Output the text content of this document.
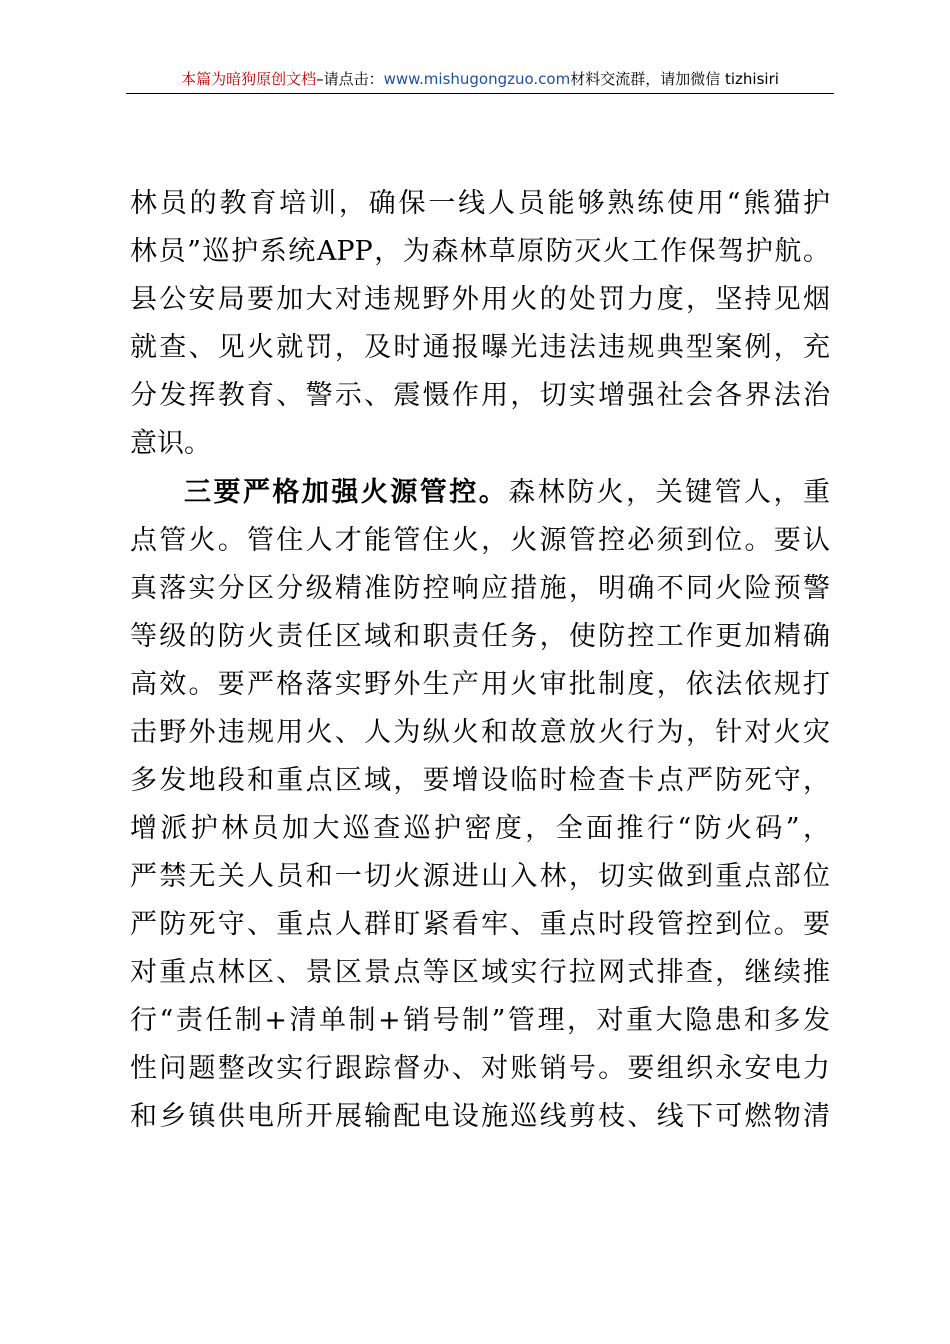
本篇为暗狗原创文档–请点击：www.mishugongzuo.com材料交流群，请加微信 tizhisiri
林员的教育培训，确保一线人员能够熟练使用“熊猫护
林员”巡护系统APP，为森林草原防灭火工作保驾护航。
县公安局要加大对违规野外用火的处罚力度，坚持见烟
就查、见火就罚，及时通报曝光违法违规典型案例，充
分发挥教育、警示、震慑作用，切实增强社会各界法治
意识。
三要严格加强火源管控。森林防火，关键管人，重
点管火。管住人才能管住火，火源管控必须到位。要认
真落实分区分级精准防控响应措施，明确不同火险预警
等级的防火责任区域和职责任务，使防控工作更加精确
高效。要严格落实野外生产用火审批制度，依法依规打
击野外违规用火、人为纵火和故意放火行为，针对火灾
多发地段和重点区域，要增设临时检查卡点严防死守，
增派护林员加大巡查巡护密度，全面推行“防火码”，
严禁无关人员和一切火源进山入林，切实做到重点部位
严防死守、重点人群盯紧看牢、重点时段管控到位。要
对重点林区、景区景点等区域实行拉网式排查，继续推
行“责任制+清单制+销号制”管理，对重大隐患和多发
性问题整改实行跟踪督办、对账销号。要组织永安电力
和乡镇供电所开展输配电设施巡线剪枝、线下可燃物清
